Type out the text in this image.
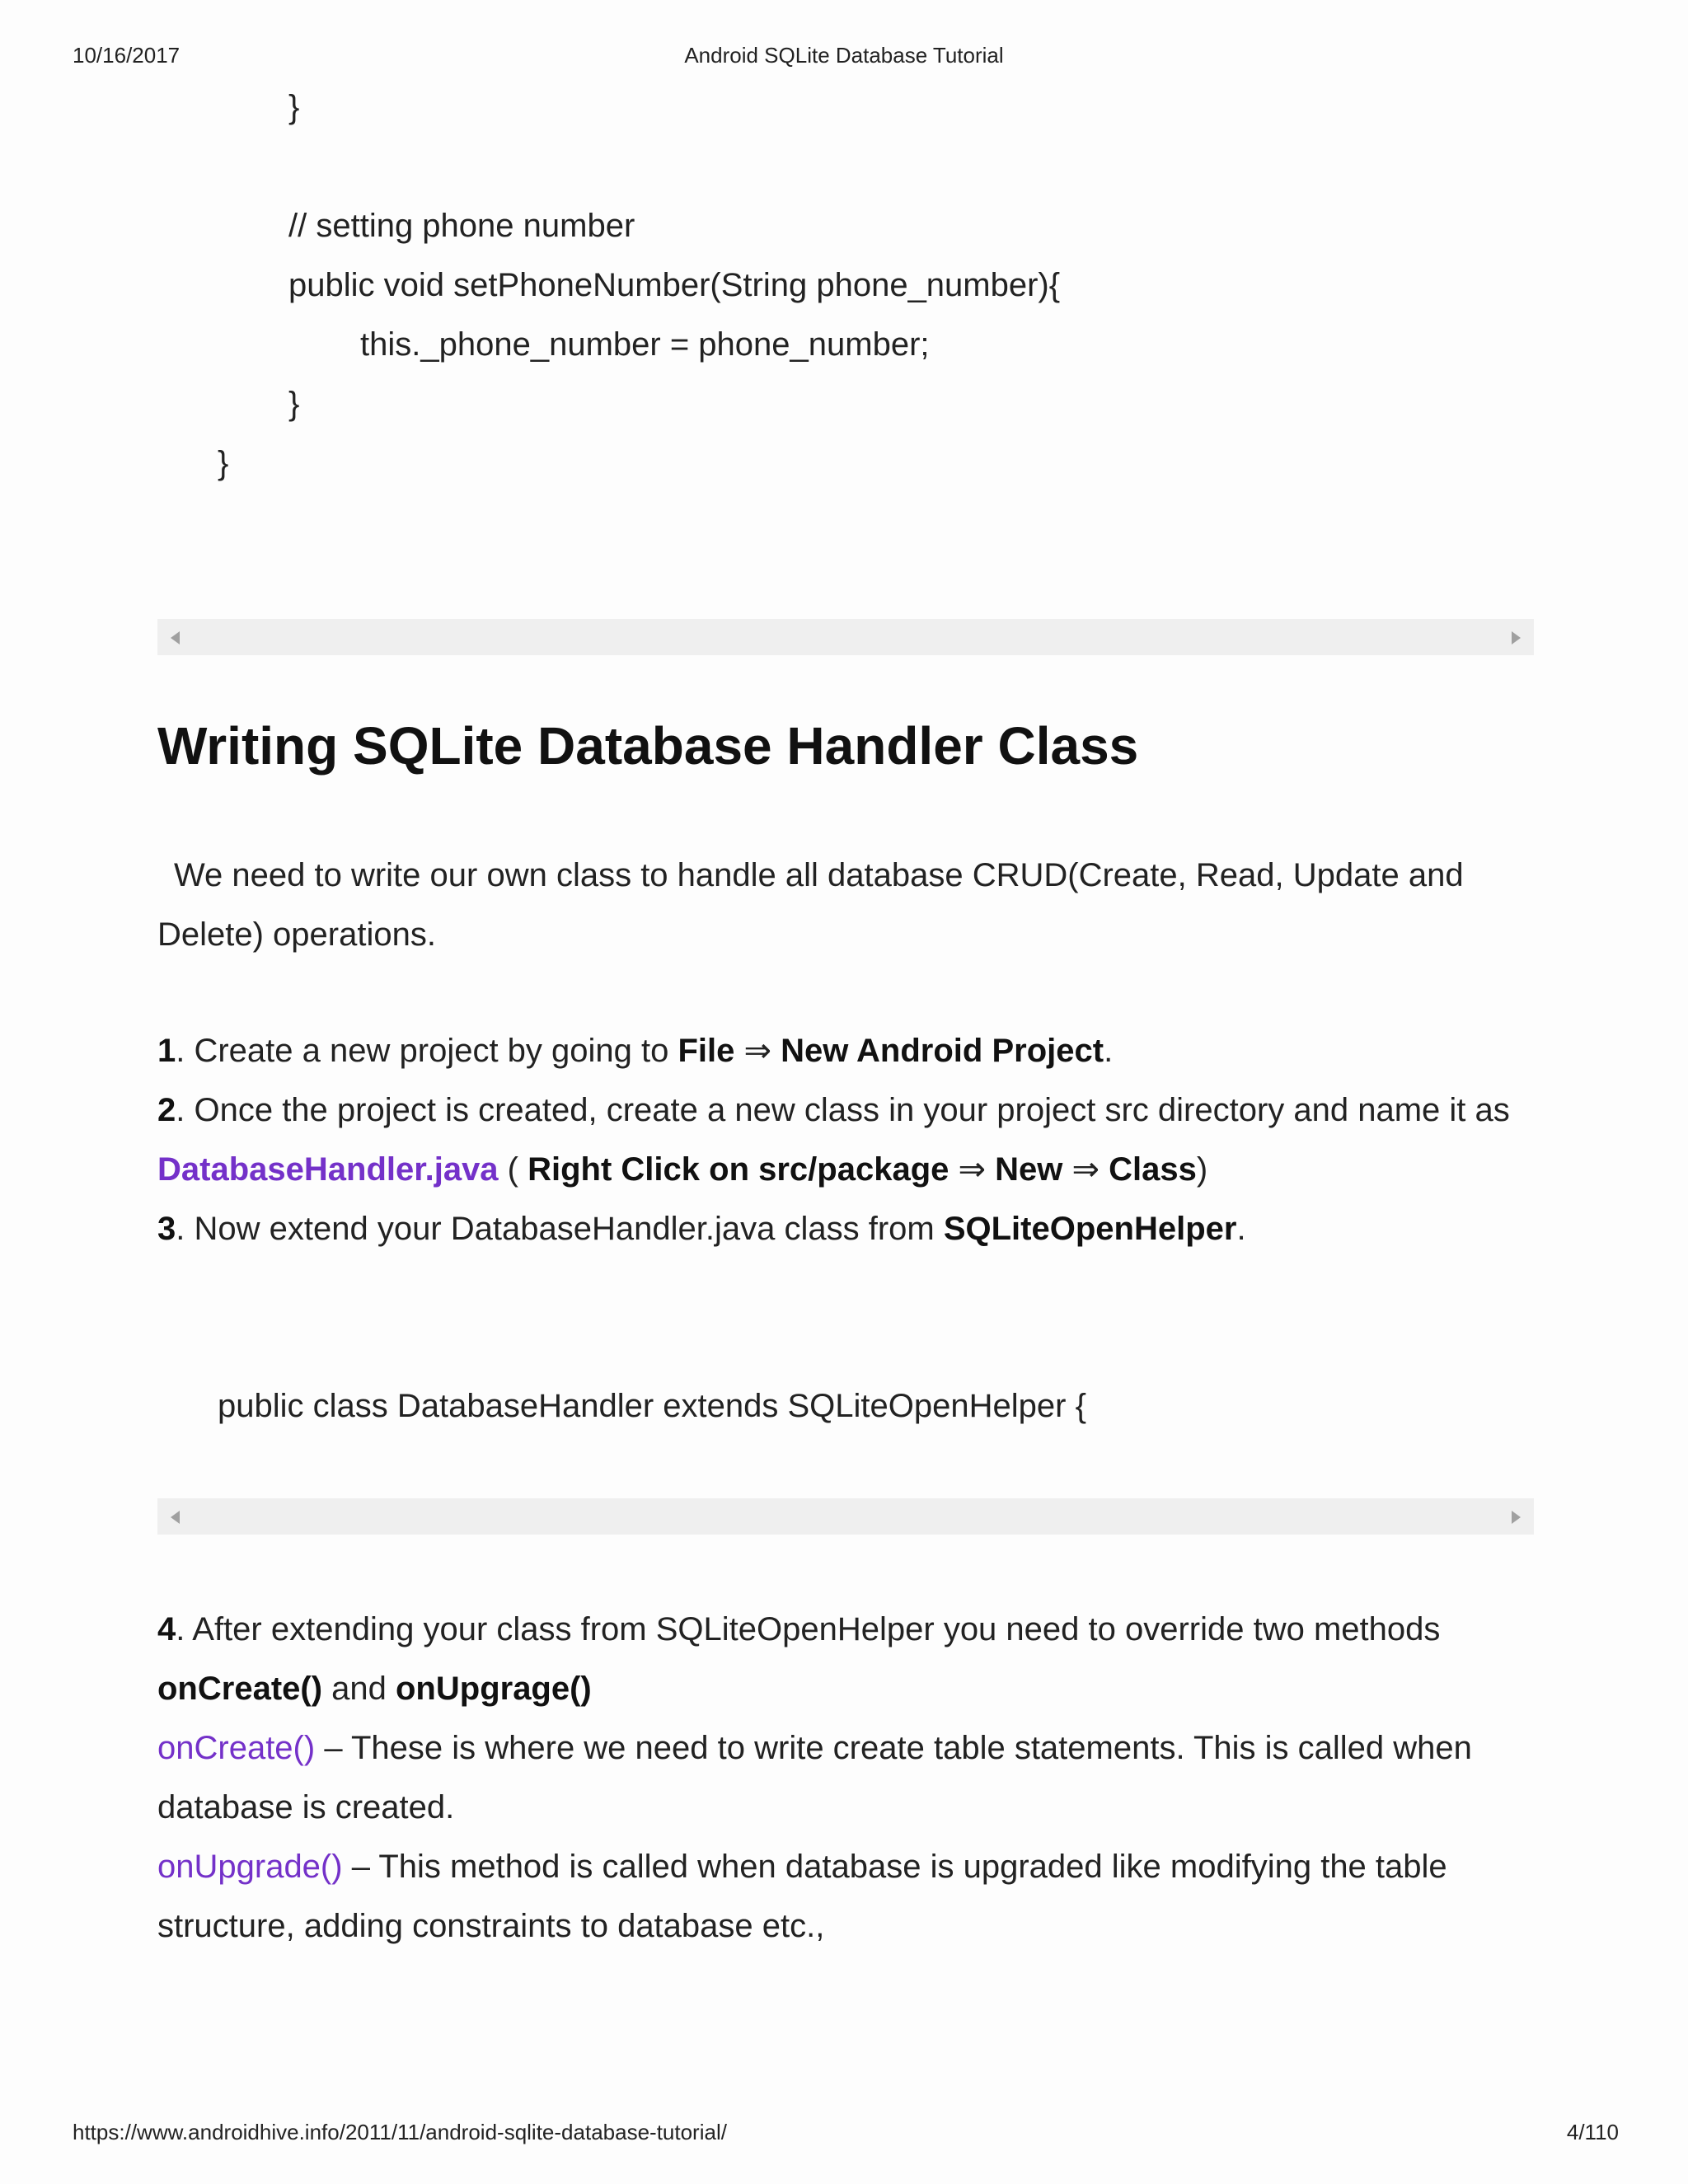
10/16/2017	Android SQLite Database Tutorial
}
// setting phone number
public void setPhoneNumber(String phone_number){
this._phone_number = phone_number;
}
}
Writing SQLite Database Handler Class
We need to write our own class to handle all database CRUD(Create, Read, Update and Delete) operations.
1. Create a new project by going to File ⇒ New Android Project.
2. Once the project is created, create a new class in your project src directory and name it as DatabaseHandler.java ( Right Click on src/package ⇒ New ⇒ Class)
3. Now extend your DatabaseHandler.java class from SQLiteOpenHelper.
public class DatabaseHandler extends SQLiteOpenHelper {
4. After extending your class from SQLiteOpenHelper you need to override two methods onCreate() and onUpgrage()
onCreate() – These is where we need to write create table statements. This is called when database is created.
onUpgrade() – This method is called when database is upgraded like modifying the table structure, adding constraints to database etc.,
https://www.androidhive.info/2011/11/android-sqlite-database-tutorial/	4/110
